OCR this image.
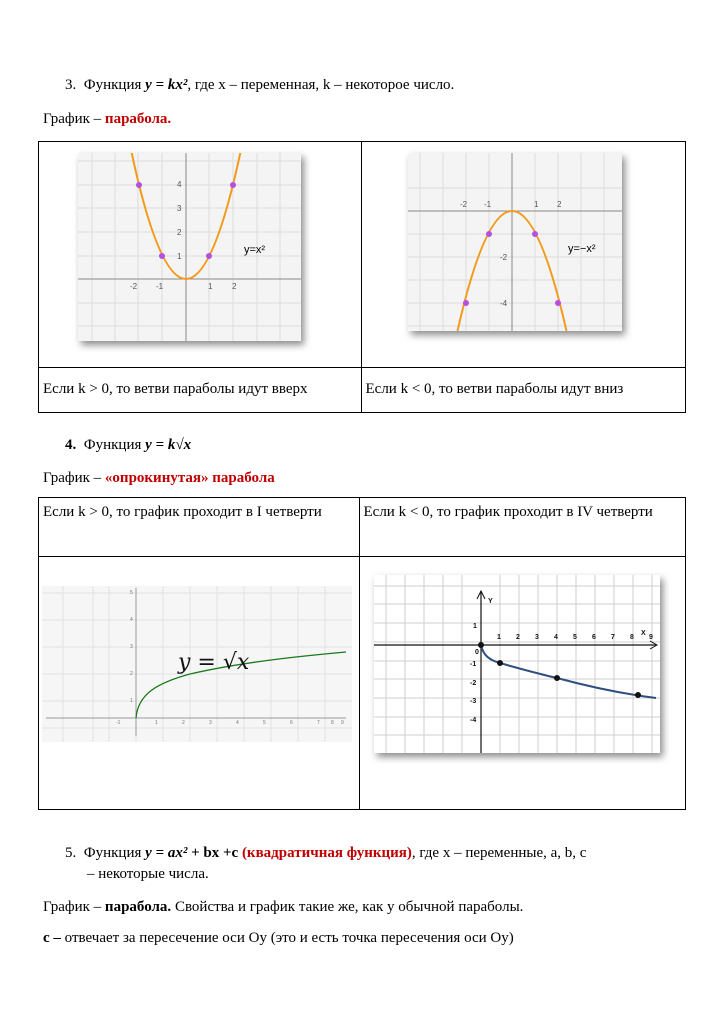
3. Функция y = kx², где x – переменная, k – некоторое число.
График – парабола.

Если k > 0, то ветви параболы идут вверх	Если k < 0, то ветви параболы идут вниз
-2 -1	1 2
1
2
3
4
y=x²
-2 -1	1 2
-2
-4
y=−x²
4. Функция y = k√x
График – «опрокинутая» парабола
Если k > 0, то график проходит в I четверти	Если k < 0, то график проходит в IV четверти

-1	1	2	3	4	5	6	7 8 9
1
2
3
4
5
y = √x
Y
X
0
1 2 3 4 5 6 7 8 9
1
-1
-2
-3
-4
5. Функция y = ax² + bx +c (квадратичная функция), где x – переменные, a, b, c
– некоторые числа.
График – парабола. Свойства и график такие же, как у обычной параболы.
c – отвечает за пересечение оси Оу (это и есть точка пересечения оси Оу)
